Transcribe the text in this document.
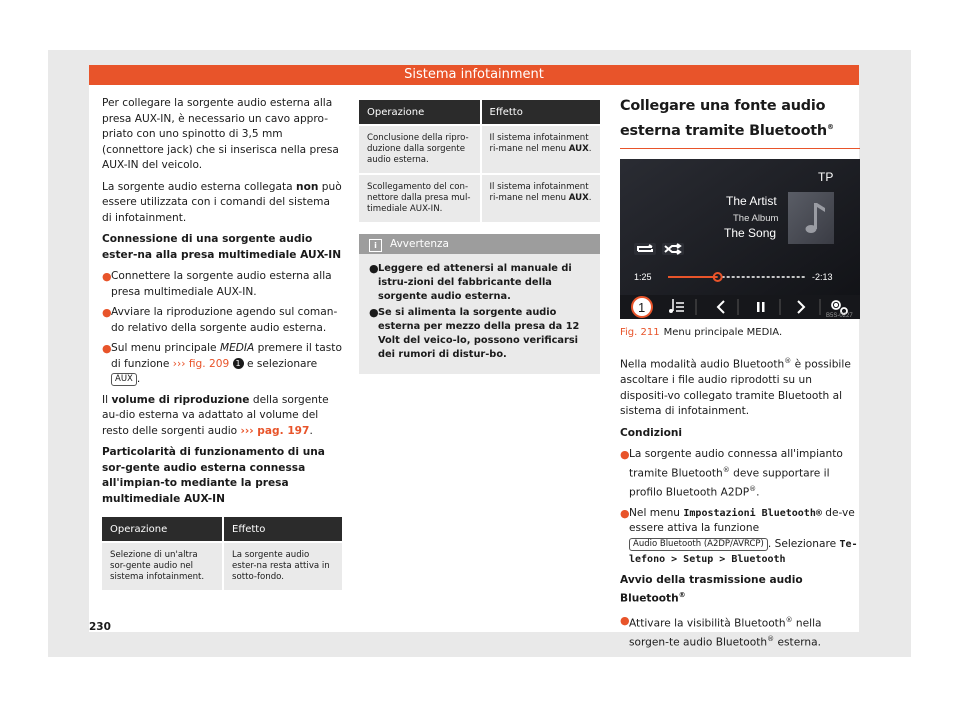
Sistema infotainment

Per collegare la sorgente audio esterna alla presa AUX-IN, è necessario un cavo appro-priato con uno spinotto di 3,5 mm (connettore jack) che si inserisca nella presa AUX-IN del veicolo.

La sorgente audio esterna collegata non può essere utilizzata con i comandi del sistema di infotainment.

Connessione di una sorgente audio ester-na alla presa multimediale AUX-IN

● Connettere la sorgente audio esterna alla presa multimediale AUX-IN.
● Avviare la riproduzione agendo sul coman-do relativo della sorgente audio esterna.
● Sul menu principale MEDIA premere il tasto di funzione ››› fig. 209 1 e selezionare AUX .

Il volume di riproduzione della sorgente au-dio esterna va adattato al volume del resto delle sorgenti audio ››› pag. 197.

Particolarità di funzionamento di una sor-gente audio esterna connessa all'impian-to mediante la presa multimediale AUX-IN

Operazione	Effetto
Selezione di un'altra sor-gente audio nel sistema infotainment.	La sorgente audio ester-na resta attiva in sotto-fondo.
Operazione	Effetto
Conclusione della ripro-duzione dalla sorgente audio esterna.	Il sistema infotainment ri-mane nel menu AUX.
Scollegamento del con-nettore dalla presa mul-timediale AUX-IN.	Il sistema infotainment ri-mane nel menu AUX.
i Avvertenza
● Leggere ed attenersi al manuale di istru-zioni del fabbricante della sorgente audio esterna.
● Se si alimenta la sorgente audio esterna per mezzo della presa da 12 Volt del veico-lo, possono verificarsi dei rumori di distur-bo.
Collegare una fonte audio esterna tramite Bluetooth®
TP
The Artist
The Album
The Song
1:25	-2:13
1
B5S-0227
Fig. 211 Menu principale MEDIA.

Nella modalità audio Bluetooth® è possibile ascoltare i file audio riprodotti su un dispositi-vo collegato tramite Bluetooth al sistema di infotainment.

Condizioni

● La sorgente audio connessa all'impianto tramite Bluetooth® deve supportare il profilo Bluetooth A2DP®.
● Nel menu Impostazioni Bluetooth® de-ve essere attiva la funzione Audio Bluetooth (A2DP/AVRCP) . Selezionare Te-lefono > Setup > Bluetooth

Avvio della trasmissione audio Bluetooth®

● Attivare la visibilità Bluetooth® nella sorgen-te audio Bluetooth® esterna.
230
